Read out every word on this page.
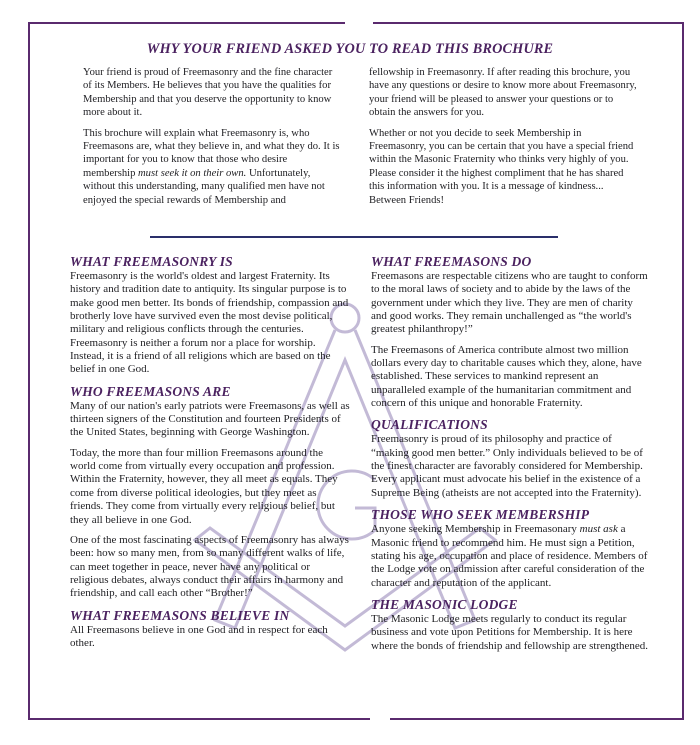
WHY YOUR FRIEND ASKED YOU TO READ THIS BROCHURE

Your friend is proud of Freemasonry and the fine character of its Members. He believes that you have the qualities for Membership and that you deserve the opportunity to know more about it.

This brochure will explain what Freemasonry is, who Freemasons are, what they believe in, and what they do. It is important for you to know that those who desire membership must seek it on their own. Unfortunately, without this understanding, many qualified men have not enjoyed the special rewards of Membership and

fellowship in Freemasonry. If after reading this brochure, you have any questions or desire to know more about Freemasonry, your friend will be pleased to answer your questions or to obtain the answers for you.

Whether or not you decide to seek Membership in Freemasonry, you can be certain that you have a special friend within the Masonic Fraternity who thinks very highly of you. Please consider it the highest compliment that he has shared this information with you. It is a message of kindness... Between Friends!

WHAT FREEMASONRY IS

Freemasonry is the world's oldest and largest Fraternity. Its history and tradition date to antiquity. Its singular purpose is to make good men better. Its bonds of friendship, compassion and brotherly love have survived even the most devise political, military and religious conflicts through the centuries. Freemasonry is neither a forum nor a place for worship. Instead, it is a friend of all religions which are based on the belief in one God.

WHO FREEMASONS ARE

Many of our nation's early patriots were Freemasons, as well as thirteen signers of the Constitution and fourteen Presidents of the United States, beginning with George Washington.

Today, the more than four million Freemasons around the world come from virtually every occupation and profession. Within the Fraternity, however, they all meet as equals. They come from diverse political ideologies, but they meet as friends. They come from virtually every religious belief, but they all believe in one God.

One of the most fascinating aspects of Freemasonry has always been: how so many men, from so many different walks of life, can meet together in peace, never have any political or religious debates, always conduct their affairs in harmony and friendship, and call each other “Brother!”

WHAT FREEMASONS BELIEVE IN

All Freemasons believe in one God and in respect for each other.

WHAT FREEMASONS DO

Freemasons are respectable citizens who are taught to conform to the moral laws of society and to abide by the laws of the government under which they live. They are men of charity and good works. They remain unchallenged as “the world's greatest philanthropy!”

The Freemasons of America contribute almost two million dollars every day to charitable causes which they, alone, have established. These services to mankind represent an unparalleled example of the humanitarian commitment and concern of this unique and honorable Fraternity.

QUALIFICATIONS

Freemasonry is proud of its philosophy and practice of “making good men better.” Only individuals believed to be of the finest character are favorably considered for Membership. Every applicant must advocate his belief in the existence of a Supreme Being (atheists are not accepted into the Fraternity).

THOSE WHO SEEK MEMBERSHIP

Anyone seeking Membership in Freemasonary must ask a Masonic friend to recommend him. He must sign a Petition, stating his age, occupation and place of residence. Members of the Lodge vote on admission after careful consideration of the character and reputation of the applicant.

THE MASONIC LODGE

The Masonic Lodge meets regularly to conduct its regular business and vote upon Petitions for Membership. It is here where the bonds of friendship and fellowship are strengthened.
